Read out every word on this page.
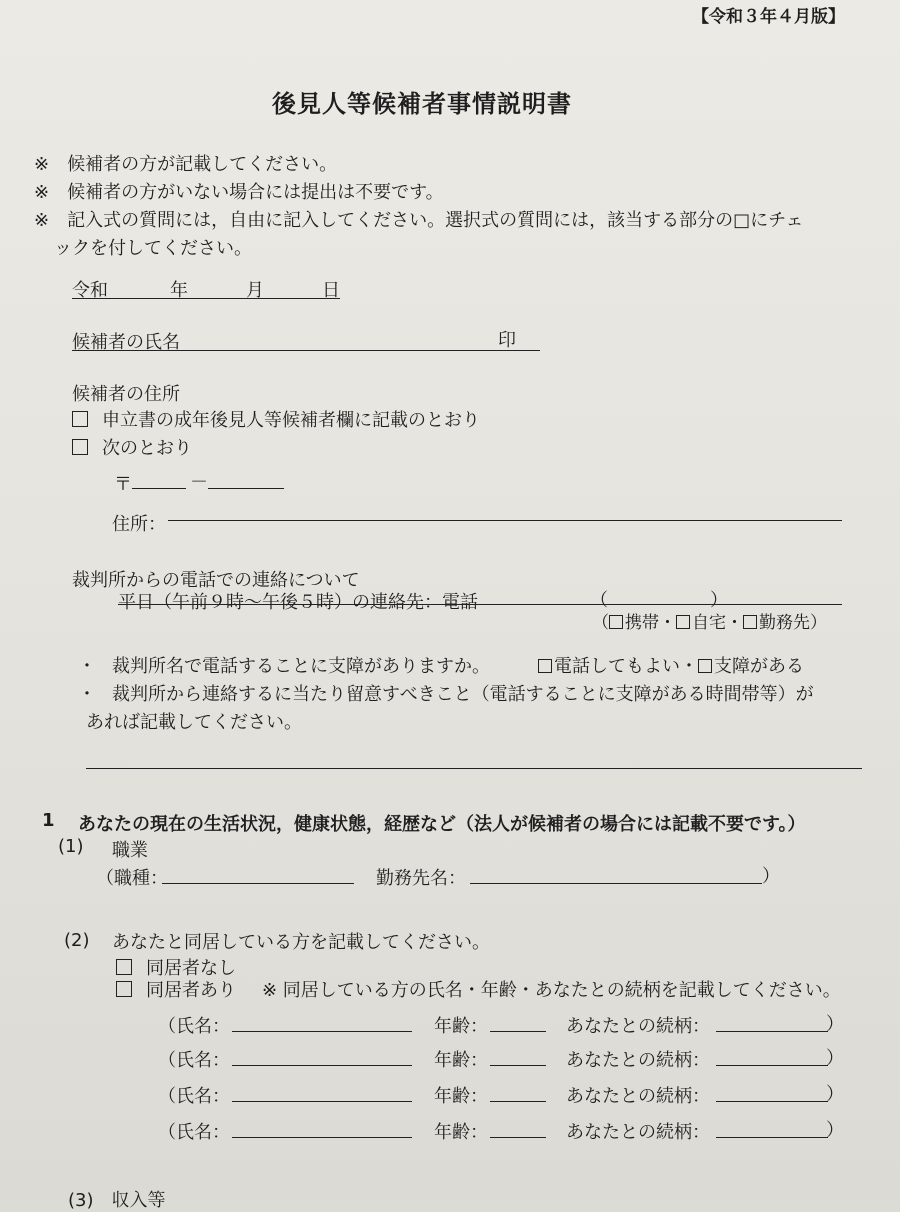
【令和３年４月版】
後見人等候補者事情説明書
※ 候補者の方が記載してください。
※ 候補者の方がいない場合には提出は不要です。
※ 記入式の質問には，自由に記入してください。選択式の質問には，該当する部分の□にチェ
ックを付してください。
令和	年	月	日
候補者の氏名	印
候補者の住所
申立書の成年後見人等候補者欄に記載のとおり
次のとおり
〒	－
住所：
裁判所からの電話での連絡について
平日（午前９時～午後５時）の連絡先：電話	（	）
（ 携帯・ 自宅・ 勤務先）
・ 裁判所名で電話することに支障がありますか。	電話してもよい・ 支障がある
・ 裁判所から連絡するに当たり留意すべきこと（電話することに支障がある時間帯等）が
あれば記載してください。
1 あなたの現在の生活状況，健康状態，経歴など（法人が候補者の場合には記載不要です。）
(1) 職業
（職種：	勤務先名：	）
(2) あなたと同居している方を記載してください。
同居者なし
同居者あり ※ 同居している方の氏名・年齢・あなたとの続柄を記載してください。
（氏名：	年齢：	あなたとの続柄：	）
（氏名：	年齢：	あなたとの続柄：	）
（氏名：	年齢：	あなたとの続柄：	）
（氏名：	年齢：	あなたとの続柄：	）
(3)　収入等
